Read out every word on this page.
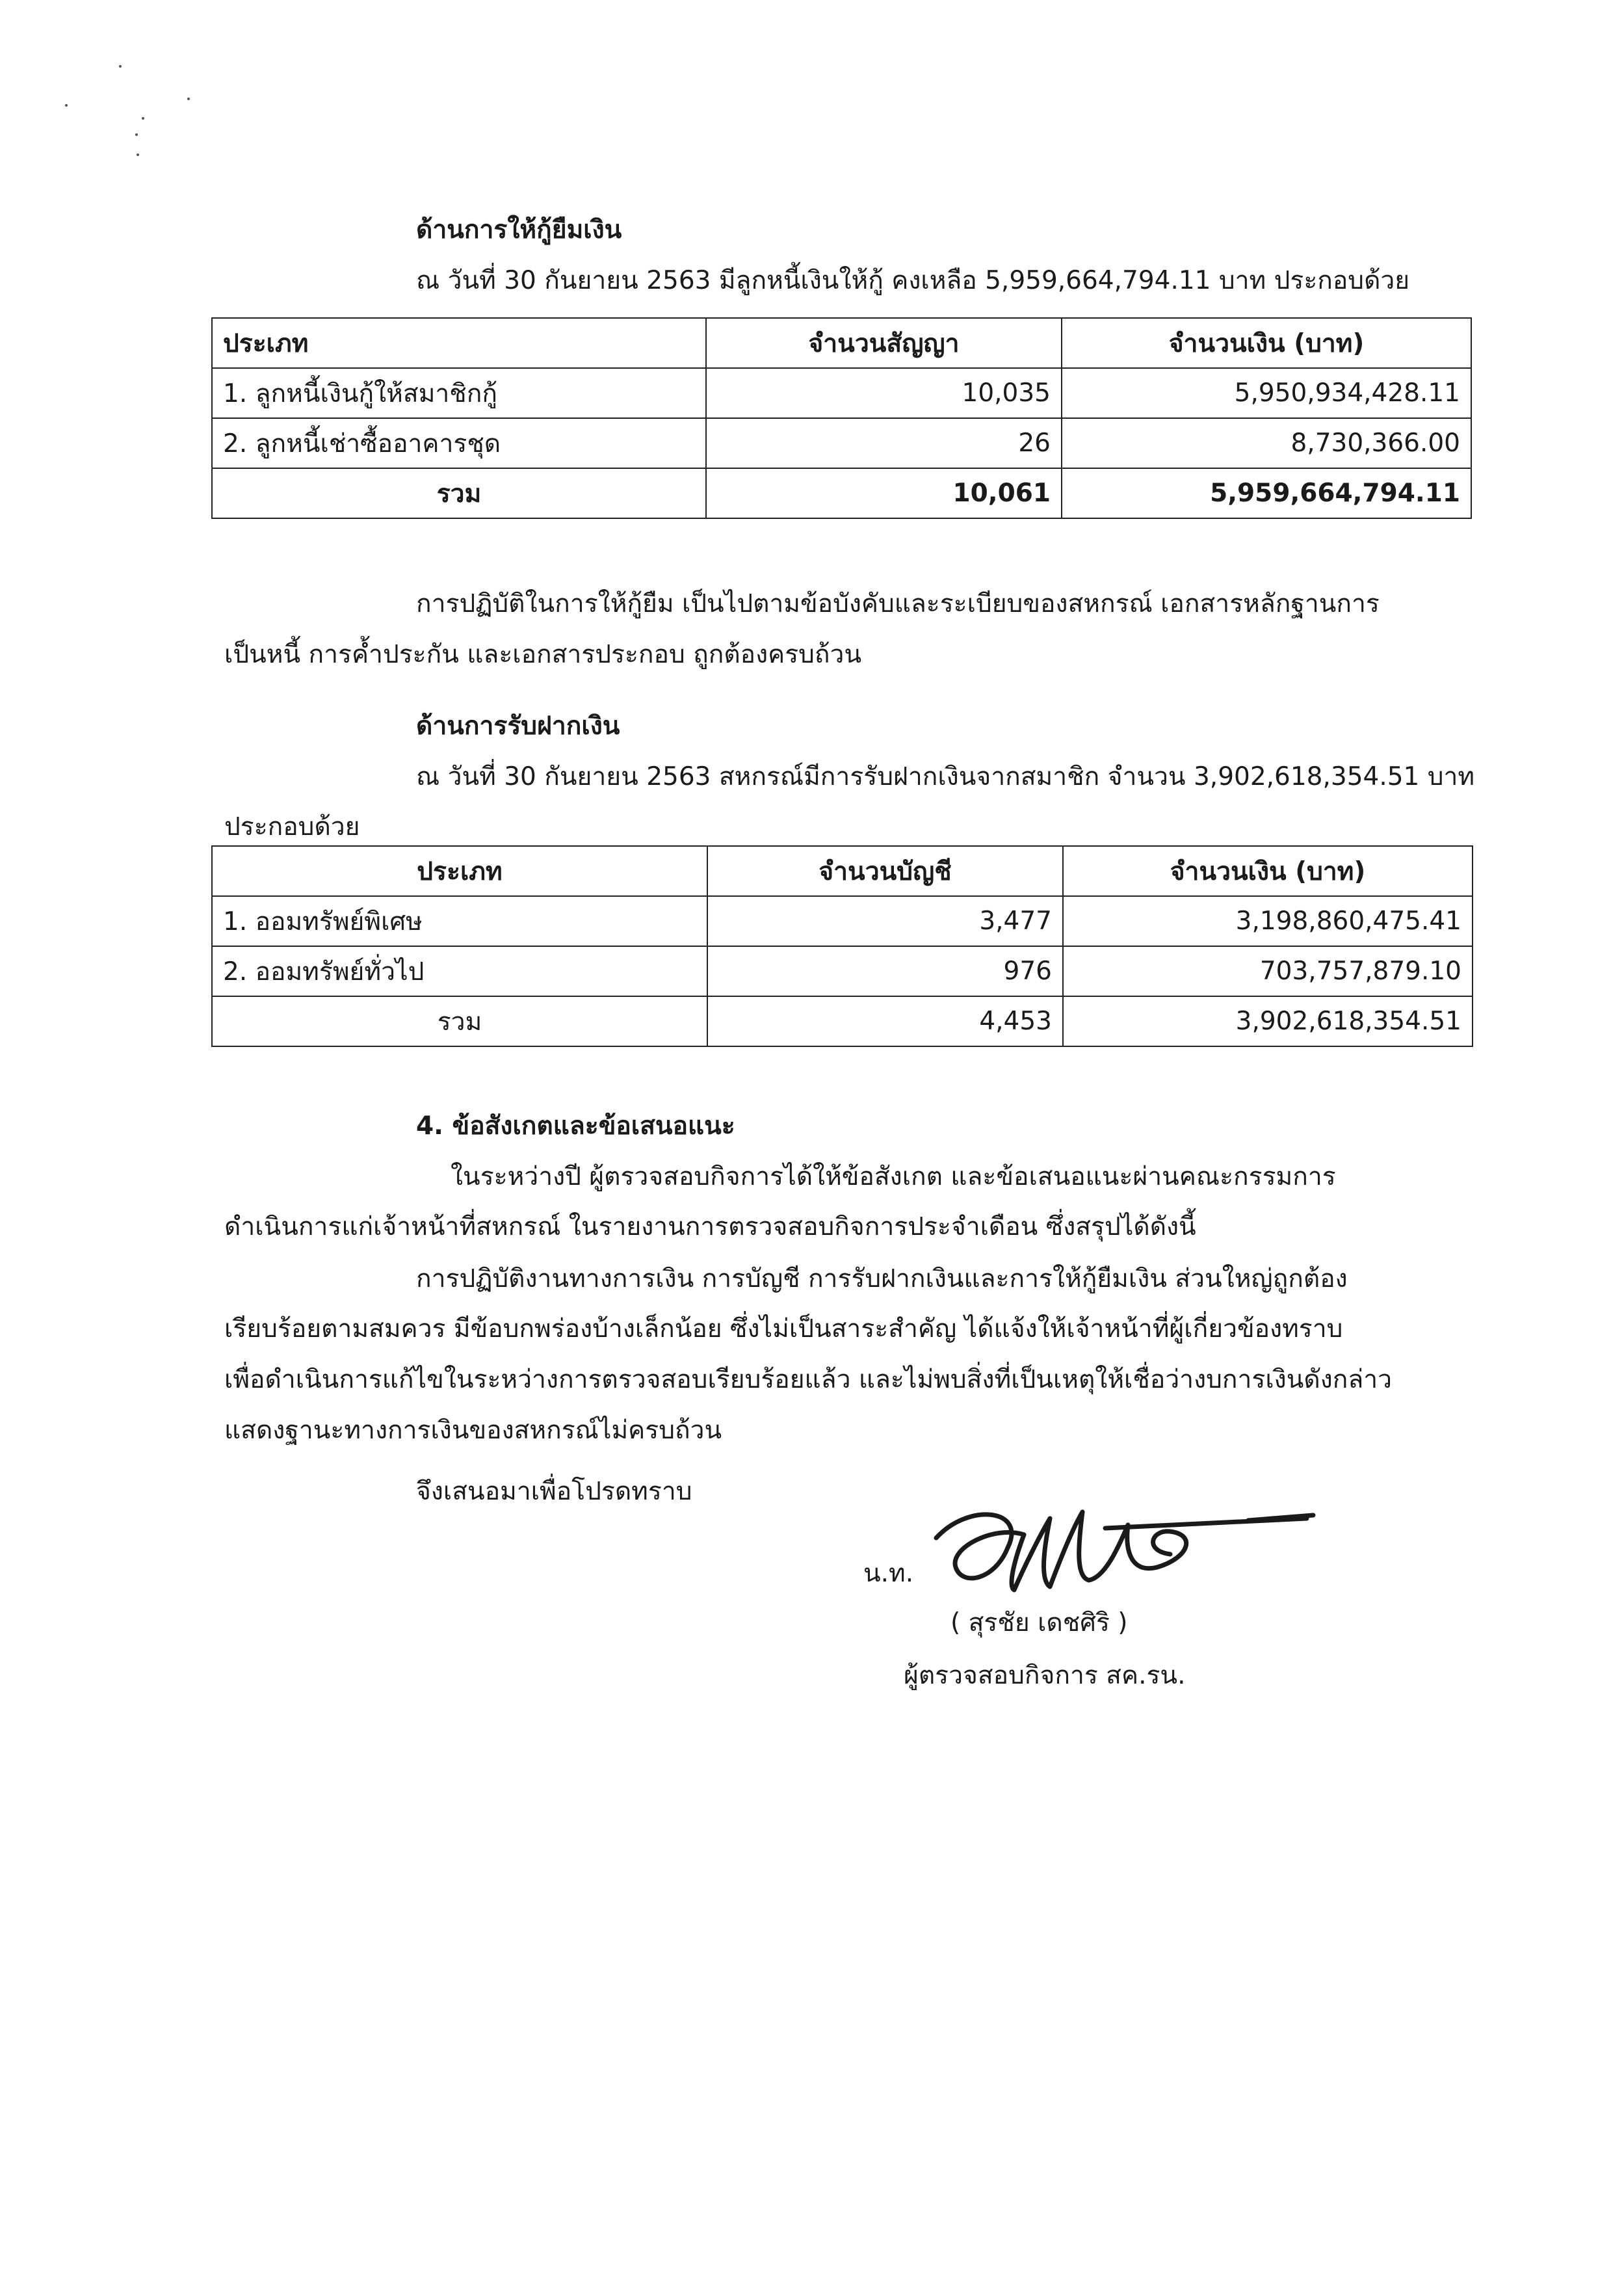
ด้านการให้กู้ยืมเงิน
ณ วันที่ 30 กันยายน 2563 มีลูกหนี้เงินให้กู้ คงเหลือ 5,959,664,794.11 บาท ประกอบด้วย
ประเภท	จำนวนสัญญา	จำนวนเงิน (บาท)
1. ลูกหนี้เงินกู้ให้สมาชิกกู้	10,035	5,950,934,428.11
2. ลูกหนี้เช่าซื้ออาคารชุด	26	8,730,366.00
รวม	10,061	5,959,664,794.11
การปฏิบัติในการให้กู้ยืม เป็นไปตามข้อบังคับและระเบียบของสหกรณ์ เอกสารหลักฐานการ
เป็นหนี้ การค้ำประกัน และเอกสารประกอบ ถูกต้องครบถ้วน
ด้านการรับฝากเงิน
ณ วันที่ 30 กันยายน 2563 สหกรณ์มีการรับฝากเงินจากสมาชิก จำนวน 3,902,618,354.51 บาท
ประกอบด้วย
ประเภท	จำนวนบัญชี	จำนวนเงิน (บาท)
1. ออมทรัพย์พิเศษ	3,477	3,198,860,475.41
2. ออมทรัพย์ทั่วไป	976	703,757,879.10
รวม	4,453	3,902,618,354.51
4. ข้อสังเกตและข้อเสนอแนะ
ในระหว่างปี ผู้ตรวจสอบกิจการได้ให้ข้อสังเกต และข้อเสนอแนะผ่านคณะกรรมการ
ดำเนินการแก่เจ้าหน้าที่สหกรณ์ ในรายงานการตรวจสอบกิจการประจำเดือน ซึ่งสรุปได้ดังนี้
การปฏิบัติงานทางการเงิน การบัญชี การรับฝากเงินและการให้กู้ยืมเงิน ส่วนใหญ่ถูกต้อง
เรียบร้อยตามสมควร มีข้อบกพร่องบ้างเล็กน้อย ซึ่งไม่เป็นสาระสำคัญ ได้แจ้งให้เจ้าหน้าที่ผู้เกี่ยวข้องทราบ
เพื่อดำเนินการแก้ไขในระหว่างการตรวจสอบเรียบร้อยแล้ว และไม่พบสิ่งที่เป็นเหตุให้เชื่อว่างบการเงินดังกล่าว
แสดงฐานะทางการเงินของสหกรณ์ไม่ครบถ้วน
จึงเสนอมาเพื่อโปรดทราบ
น.ท.
( สุรชัย เดชศิริ )
ผู้ตรวจสอบกิจการ สค.รน.
